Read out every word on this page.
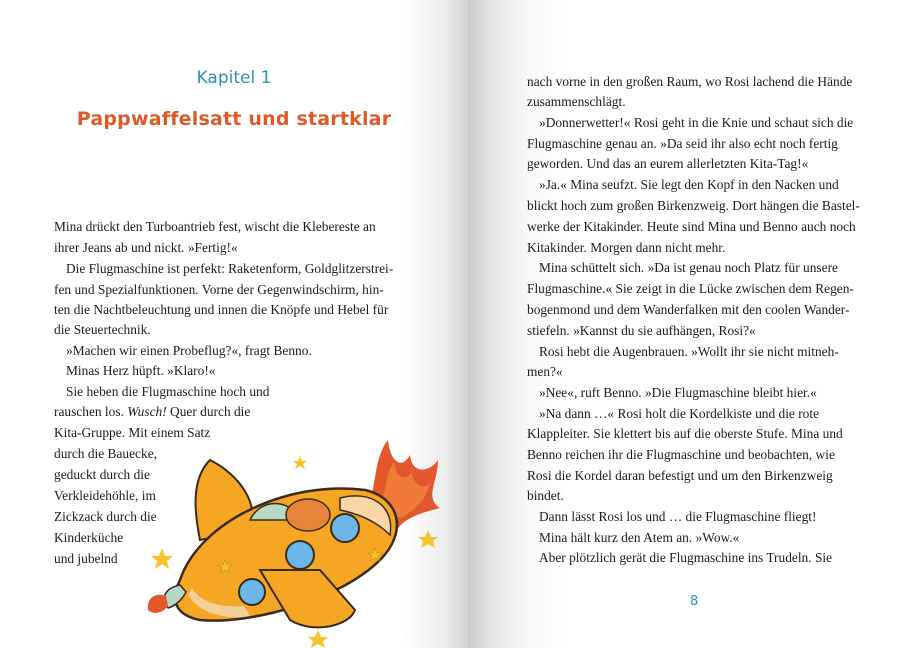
Kapitel 1
Pappwaffelsatt und startklar
Mina drückt den Turboantrieb fest, wischt die Klebereste an
ihrer Jeans ab und nickt. »Fertig!«
Die Flugmaschine ist perfekt: Raketenform, Goldglitzerstrei-
fen und Spezialfunktionen. Vorne der Gegenwindschirm, hin-
ten die Nachtbeleuchtung und innen die Knöpfe und Hebel für
die Steuertechnik.
»Machen wir einen Probeflug?«, fragt Benno.
Minas Herz hüpft. »Klaro!«
Sie heben die Flugmaschine hoch und
rauschen los. Wusch! Quer durch die
Kita-Gruppe. Mit einem Satz
durch die Bauecke,
geduckt durch die
Verkleidehöhle, im
Zickzack durch die
Kinderküche
und jubelnd
nach vorne in den großen Raum, wo Rosi lachend die Hände
zusammenschlägt.
»Donnerwetter!« Rosi geht in die Knie und schaut sich die
Flugmaschine genau an. »Da seid ihr also echt noch fertig
geworden. Und das an eurem allerletzten Kita-Tag!«
»Ja.« Mina seufzt. Sie legt den Kopf in den Nacken und
blickt hoch zum großen Birkenzweig. Dort hängen die Bastel-
werke der Kitakinder. Heute sind Mina und Benno auch noch
Kitakinder. Morgen dann nicht mehr.
Mina schüttelt sich. »Da ist genau noch Platz für unsere
Flugmaschine.« Sie zeigt in die Lücke zwischen dem Regen-
bogenmond und dem Wanderfalken mit den coolen Wander-
stiefeln. »Kannst du sie aufhängen, Rosi?«
Rosi hebt die Augenbrauen. »Wollt ihr sie nicht mitneh-
men?«
»Nee«, ruft Benno. »Die Flugmaschine bleibt hier.«
»Na dann …« Rosi holt die Kordelkiste und die rote
Klappleiter. Sie klettert bis auf die oberste Stufe. Mina und
Benno reichen ihr die Flugmaschine und beobachten, wie
Rosi die Kordel daran befestigt und um den Birkenzweig
bindet.
Dann lässt Rosi los und … die Flugmaschine fliegt!
Mina hält kurz den Atem an. »Wow.«
Aber plötzlich gerät die Flugmaschine ins Trudeln. Sie
8
